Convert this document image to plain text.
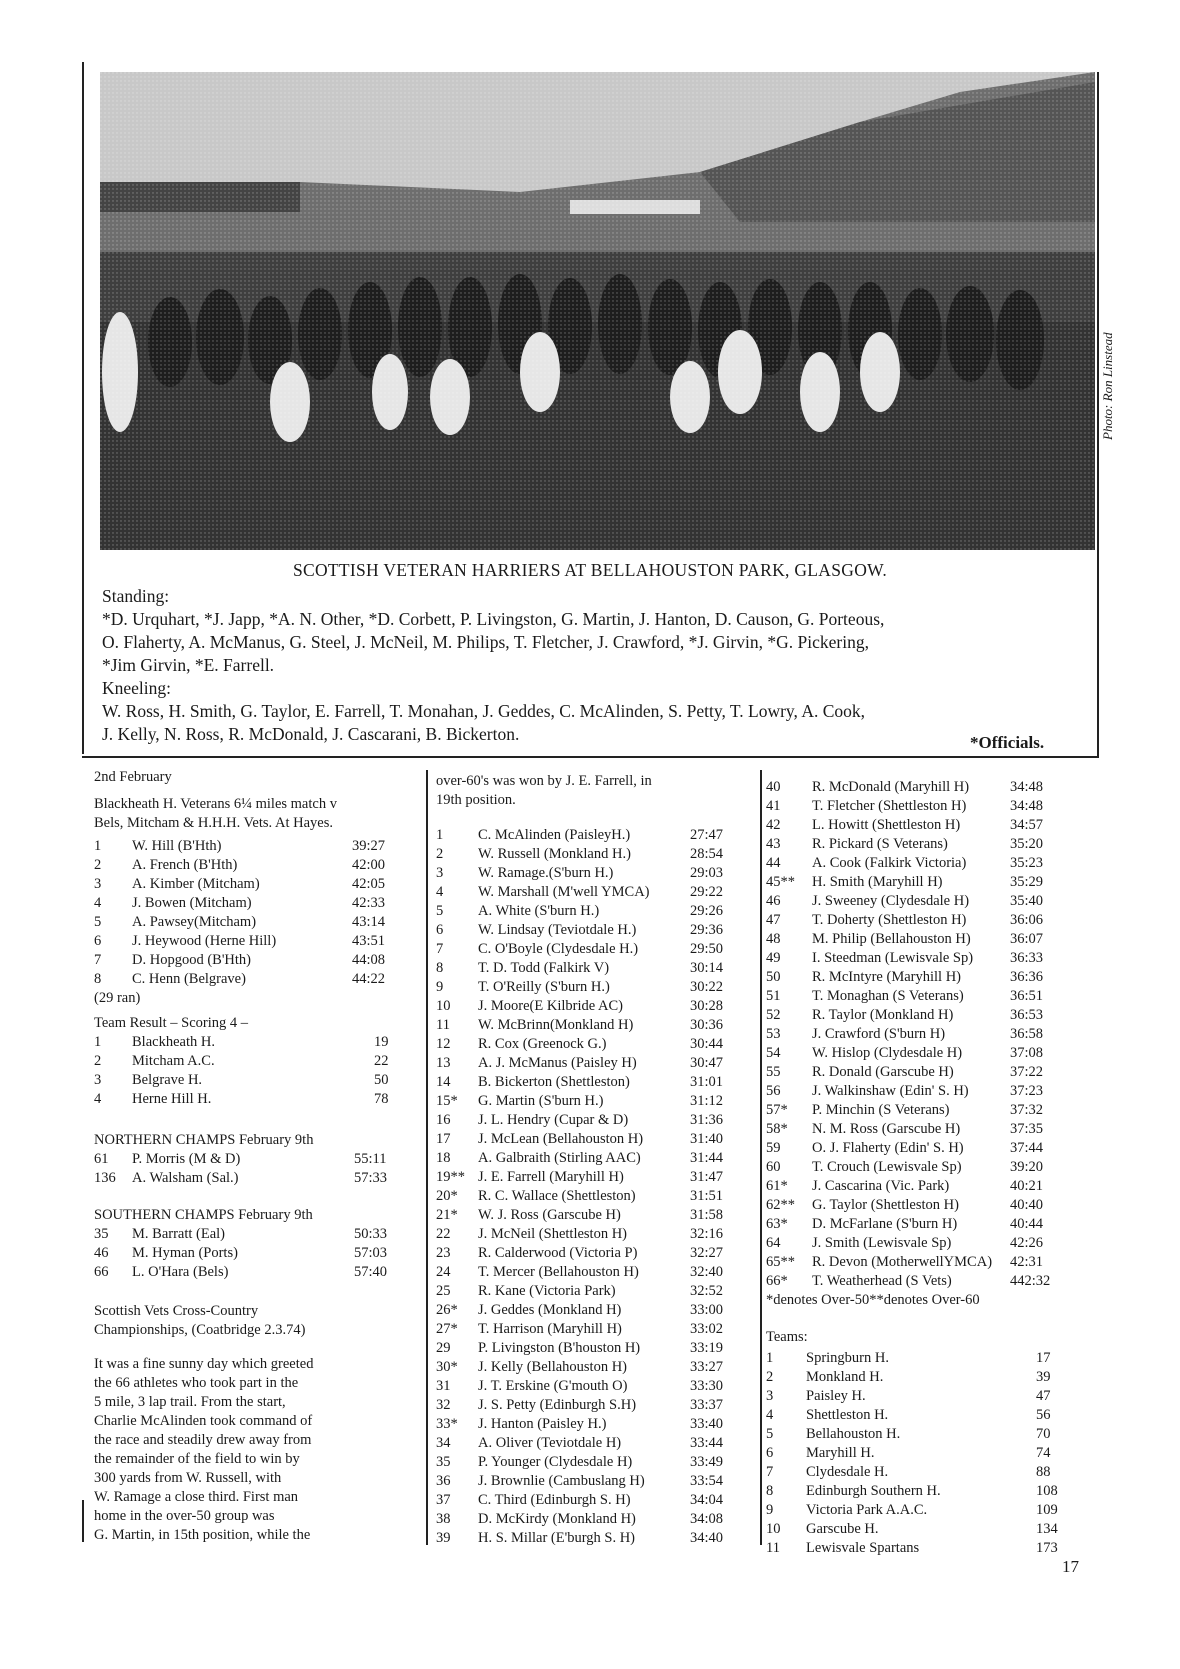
Photo: Ron Linstead
SCOTTISH VETERAN HARRIERS AT BELLAHOUSTON PARK, GLASGOW.
Standing:
*D. Urquhart, *J. Japp, *A. N. Other, *D. Corbett, P. Livingston, G. Martin, J. Hanton, D. Causon, G. Porteous,
O. Flaherty, A. McManus, G. Steel, J. McNeil, M. Philips, T. Fletcher, J. Crawford, *J. Girvin, *G. Pickering,
*Jim Girvin, *E. Farrell.
Kneeling:
W. Ross, H. Smith, G. Taylor, E. Farrell, T. Monahan, J. Geddes, C. McAlinden, S. Petty, T. Lowry, A. Cook,
J. Kelly, N. Ross, R. McDonald, J. Cascarani, B. Bickerton.	*Officials.
2nd February
Blackheath H. Veterans 6¼ miles match v
Bels, Mitcham & H.H.H. Vets. At Hayes.
1 W. Hill (B'Hth)	39:27
2 A. French (B'Hth)	42:00
3 A. Kimber (Mitcham)	42:05
4 J. Bowen (Mitcham)	42:33
5 A. Pawsey(Mitcham)	43:14
6 J. Heywood (Herne Hill)	43:51
7 D. Hopgood (B'Hth)	44:08
8 C. Henn (Belgrave)	44:22
(29 ran)
Team Result – Scoring 4 –
1 Blackheath H.	19
2 Mitcham A.C.	22
3 Belgrave H.	50
4 Herne Hill H.	78
NORTHERN CHAMPS February 9th
61 P. Morris (M & D)	55:11
136 A. Walsham (Sal.)	57:33
SOUTHERN CHAMPS February 9th
35 M. Barratt (Eal)	50:33
46 M. Hyman (Ports)	57:03
66 L. O'Hara (Bels)	57:40
Scottish Vets Cross-Country
Championships, (Coatbridge 2.3.74)
It was a fine sunny day which greeted
the 66 athletes who took part in the
5 mile, 3 lap trail. From the start,
Charlie McAlinden took command of
the race and steadily drew away from
the remainder of the field to win by
300 yards from W. Russell, with
W. Ramage a close third. First man
home in the over-50 group was
G. Martin, in 15th position, while the
over-60's was won by J. E. Farrell, in
19th position.
1 C. McAlinden (PaisleyH.)	27:47
2 W. Russell (Monkland H.)	28:54
3 W. Ramage.(S'burn H.)	29:03
4 W. Marshall (M'well YMCA)	29:22
5 A. White (S'burn H.)	29:26
6 W. Lindsay (Teviotdale H.)	29:36
7 C. O'Boyle (Clydesdale H.)	29:50
8 T. D. Todd (Falkirk V)	30:14
9 T. O'Reilly (S'burn H.)	30:22
10 J. Moore(E Kilbride AC)	30:28
11 W. McBrinn(Monkland H)	30:36
12 R. Cox (Greenock G.)	30:44
13 A. J. McManus (Paisley H)	30:47
14 B. Bickerton (Shettleston)	31:01
15* G. Martin (S'burn H.)	31:12
16 J. L. Hendry (Cupar & D)	31:36
17 J. McLean (Bellahouston H)	31:40
18 A. Galbraith (Stirling AAC)	31:44
19** J. E. Farrell (Maryhill H)	31:47
20* R. C. Wallace (Shettleston)	31:51
21* W. J. Ross (Garscube H)	31:58
22 J. McNeil (Shettleston H)	32:16
23 R. Calderwood (Victoria P)	32:27
24 T. Mercer (Bellahouston H)	32:40
25 R. Kane (Victoria Park)	32:52
26* J. Geddes (Monkland H)	33:00
27* T. Harrison (Maryhill H)	33:02
29 P. Livingston (B'houston H)	33:19
30* J. Kelly (Bellahouston H)	33:27
31 J. T. Erskine (G'mouth O)	33:30
32 J. S. Petty (Edinburgh S.H)	33:37
33* J. Hanton (Paisley H.)	33:40
34 A. Oliver (Teviotdale H)	33:44
35 P. Younger (Clydesdale H)	33:49
36 J. Brownlie (Cambuslang H)	33:54
37 C. Third (Edinburgh S. H)	34:04
38 D. McKirdy (Monkland H)	34:08
39 H. S. Millar (E'burgh S. H)	34:40
40 R. McDonald (Maryhill H)	34:48
41 T. Fletcher (Shettleston H)	34:48
42 L. Howitt (Shettleston H)	34:57
43 R. Pickard (S Veterans)	35:20
44 A. Cook (Falkirk Victoria)	35:23
45** H. Smith (Maryhill H)	35:29
46 J. Sweeney (Clydesdale H)	35:40
47 T. Doherty (Shettleston H)	36:06
48 M. Philip (Bellahouston H)	36:07
49 I. Steedman (Lewisvale Sp)	36:33
50 R. McIntyre (Maryhill H)	36:36
51 T. Monaghan (S Veterans)	36:51
52 R. Taylor (Monkland H)	36:53
53 J. Crawford (S'burn H)	36:58
54 W. Hislop (Clydesdale H)	37:08
55 R. Donald (Garscube H)	37:22
56 J. Walkinshaw (Edin' S. H)	37:23
57* P. Minchin (S Veterans)	37:32
58* N. M. Ross (Garscube H)	37:35
59 O. J. Flaherty (Edin' S. H)	37:44
60 T. Crouch (Lewisvale Sp)	39:20
61* J. Cascarina (Vic. Park)	40:21
62** G. Taylor (Shettleston H)	40:40
63* D. McFarlane (S'burn H)	40:44
64 J. Smith (Lewisvale Sp)	42:26
65** R. Devon (MotherwellYMCA) 42:31
66* T. Weatherhead (S Vets)	442:32
*denotes Over-50**denotes Over-60
Teams:
1 Springburn H.	17
2 Monkland H.	39
3 Paisley H.	47
4 Shettleston H.	56
5 Bellahouston H.	70
6 Maryhill H.	74
7 Clydesdale H.	88
8 Edinburgh Southern H.	108
9 Victoria Park A.A.C.	109
10 Garscube H.	134
11 Lewisvale Spartans	173
17
